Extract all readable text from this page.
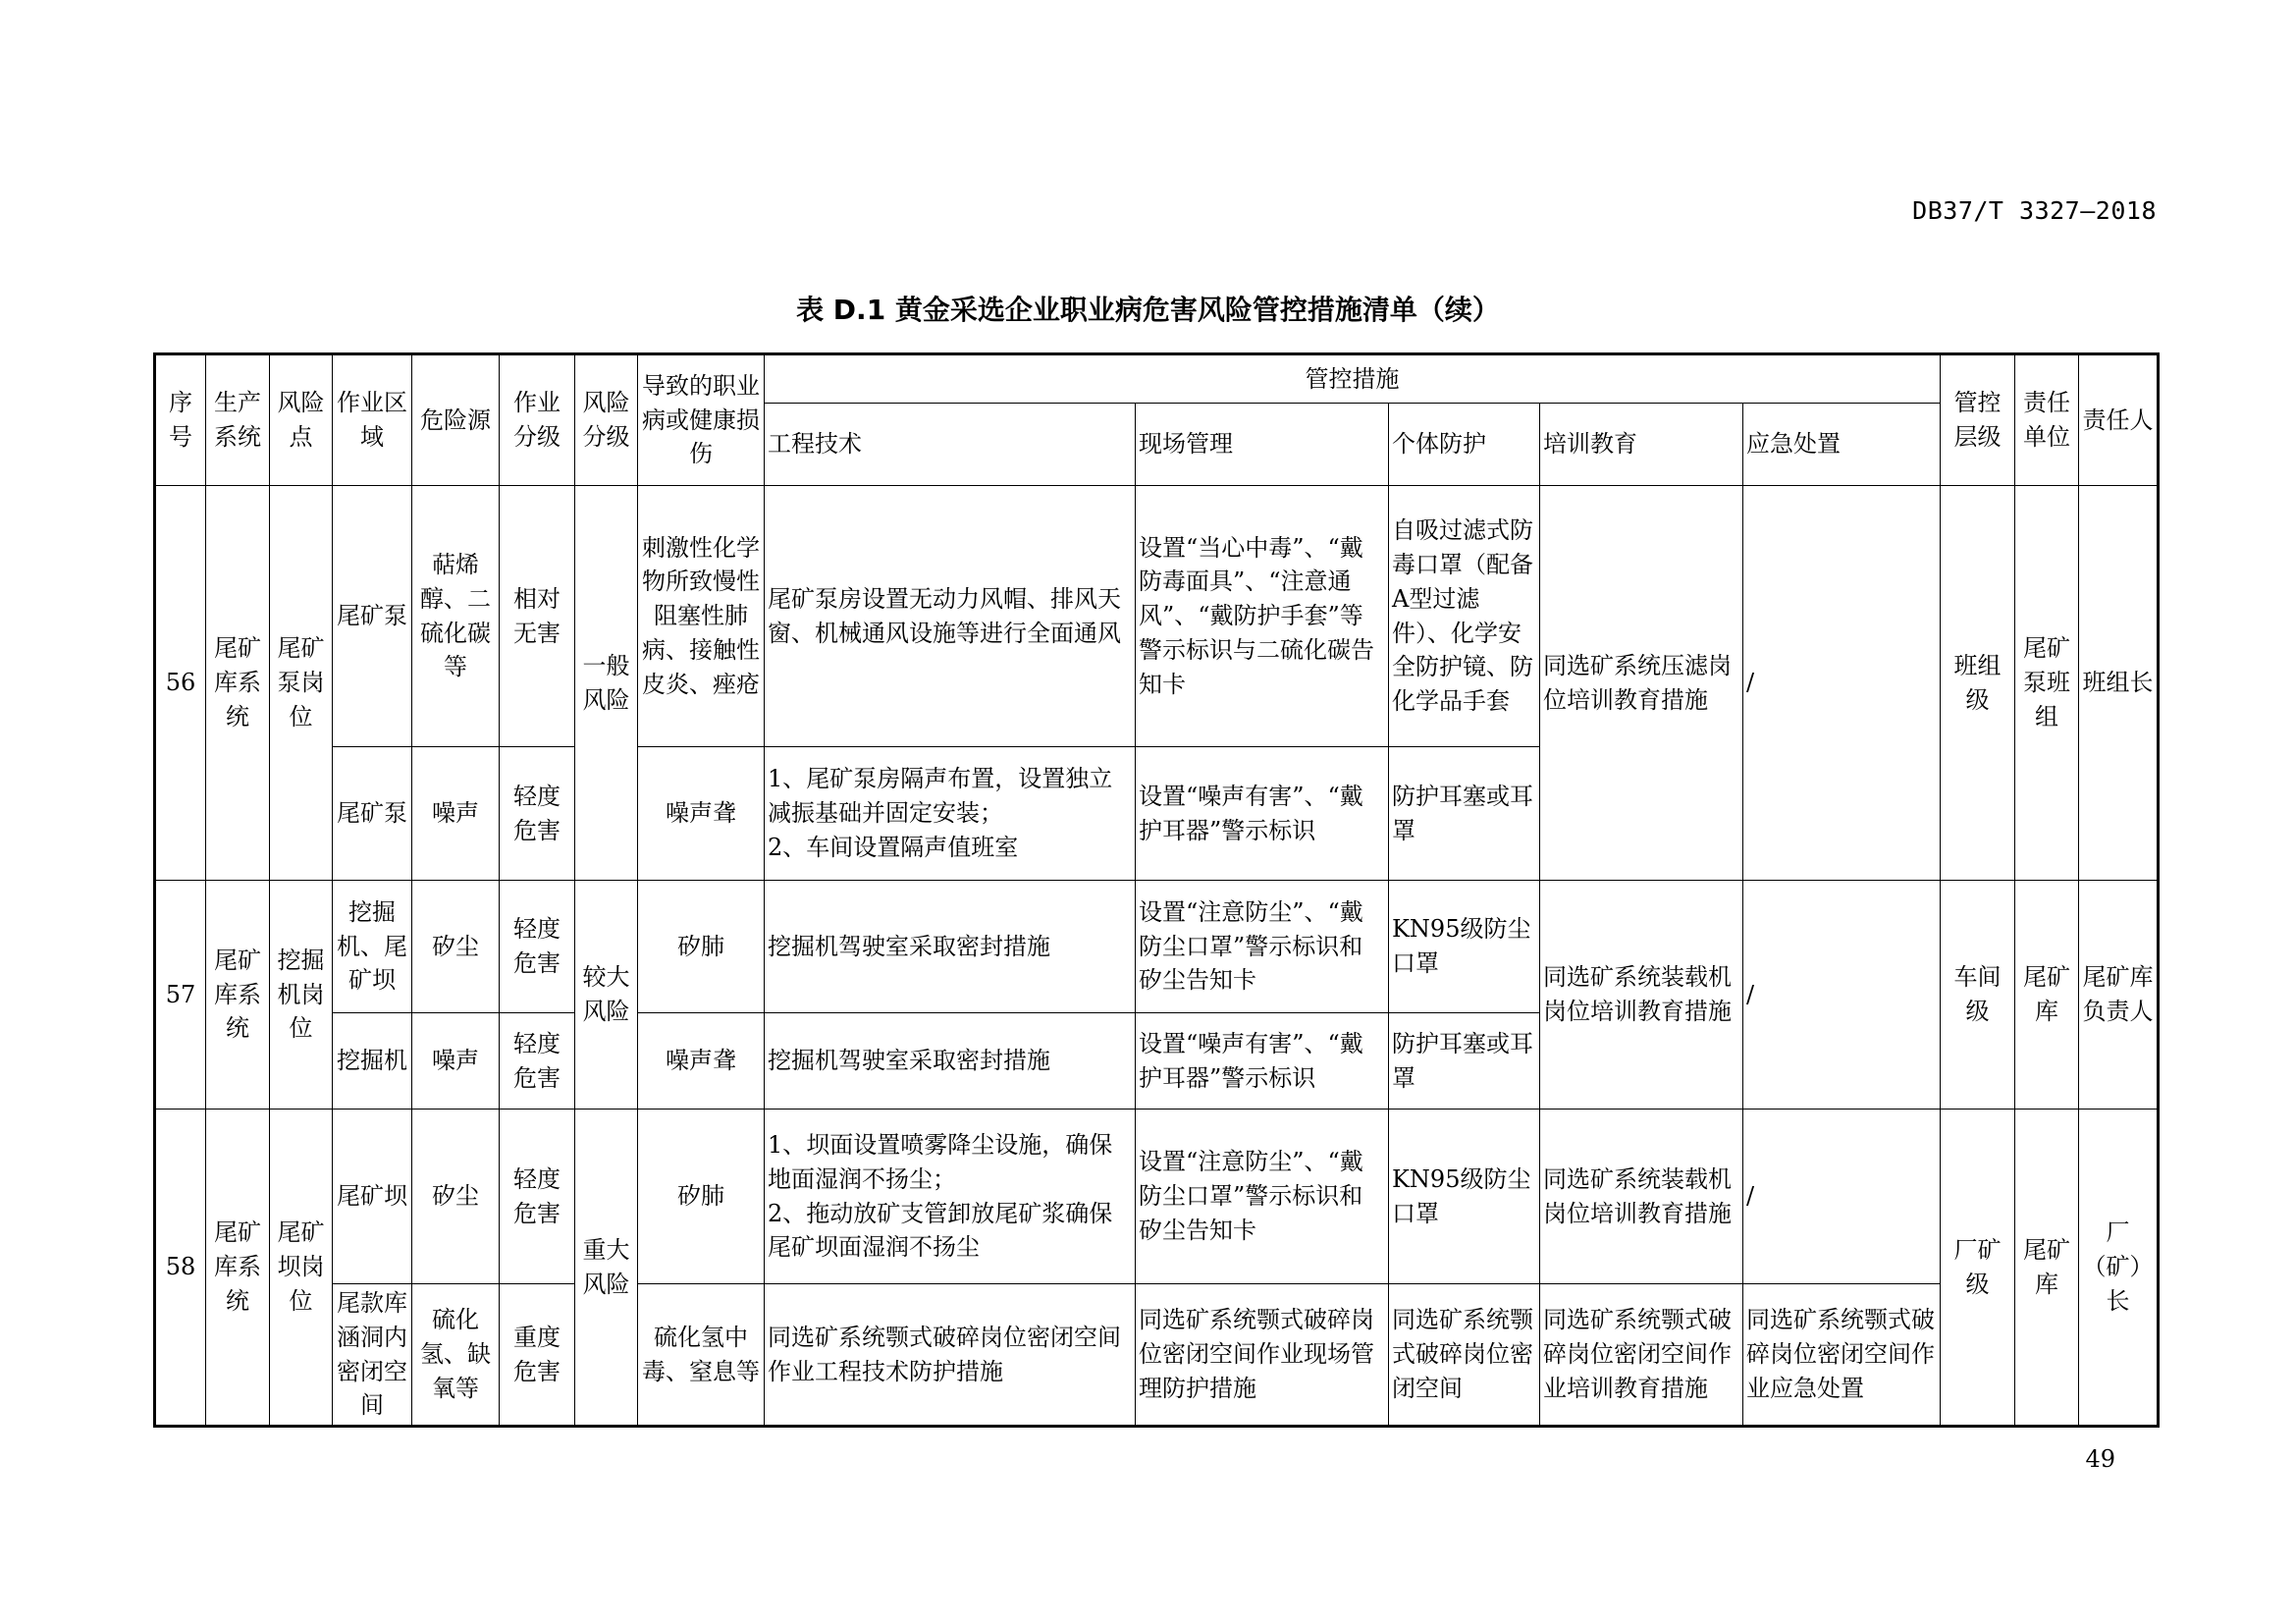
DB37/T 3327—2018
表 D.1 黄金采选企业职业病危害风险管控措施清单（续）
序号	生产系统	风险点	作业区域	危险源	作业分级	风险分级	导致的职业病或健康损伤	管控措施					管控层级	责任单位	责任人
								工程技术	现场管理	个体防护	培训教育	应急处置			
56	尾矿库系统	尾矿泵岗位	尾矿泵	萜烯醇、二硫化碳等	相对无害	一般风险	刺激性化学物所致慢性阻塞性肺病、接触性皮炎、痤疮	尾矿泵房设置无动力风帽、排风天窗、机械通风设施等进行全面通风	设置“当心中毒”、“戴防毒面具”、“注意通风”、“戴防护手套”等警示标识与二硫化碳告知卡	自吸过滤式防毒口罩（配备A型过滤件）、化学安全防护镜、防化学品手套	同选矿系统压滤岗位培训教育措施	/	班组级	尾矿泵班组	班组长
			尾矿泵	噪声	轻度危害		噪声聋	1、尾矿泵房隔声布置，设置独立减振基础并固定安装；
2、车间设置隔声值班室	设置“噪声有害”、“戴护耳器”警示标识	防护耳塞或耳罩					
57	尾矿库系统	挖掘机岗位	挖掘机、尾矿坝	矽尘	轻度危害	较大风险	矽肺	挖掘机驾驶室采取密封措施	设置“注意防尘”、“戴防尘口罩”警示标识和矽尘告知卡	KN95级防尘口罩	同选矿系统装载机岗位培训教育措施	/	车间级	尾矿库	尾矿库负责人
			挖掘机	噪声	轻度危害		噪声聋	挖掘机驾驶室采取密封措施	设置“噪声有害”、“戴护耳器”警示标识	防护耳塞或耳罩					
58	尾矿库系统	尾矿坝岗位	尾矿坝	矽尘	轻度危害	重大风险	矽肺	1、坝面设置喷雾降尘设施，确保地面湿润不扬尘；
2、拖动放矿支管卸放尾矿浆确保尾矿坝面湿润不扬尘	设置“注意防尘”、“戴防尘口罩”警示标识和矽尘告知卡	KN95级防尘口罩	同选矿系统装载机岗位培训教育措施	/	厂矿级	尾矿库	厂（矿）长
			尾款库涵洞内密闭空间	硫化氢、缺氧等	重度危害		硫化氢中毒、窒息等	同选矿系统颚式破碎岗位密闭空间作业工程技术防护措施	同选矿系统颚式破碎岗位密闭空间作业现场管理防护措施	同选矿系统颚式破碎岗位密闭空间	同选矿系统颚式破碎岗位密闭空间作业培训教育措施	同选矿系统颚式破碎岗位密闭空间作业应急处置			
49
